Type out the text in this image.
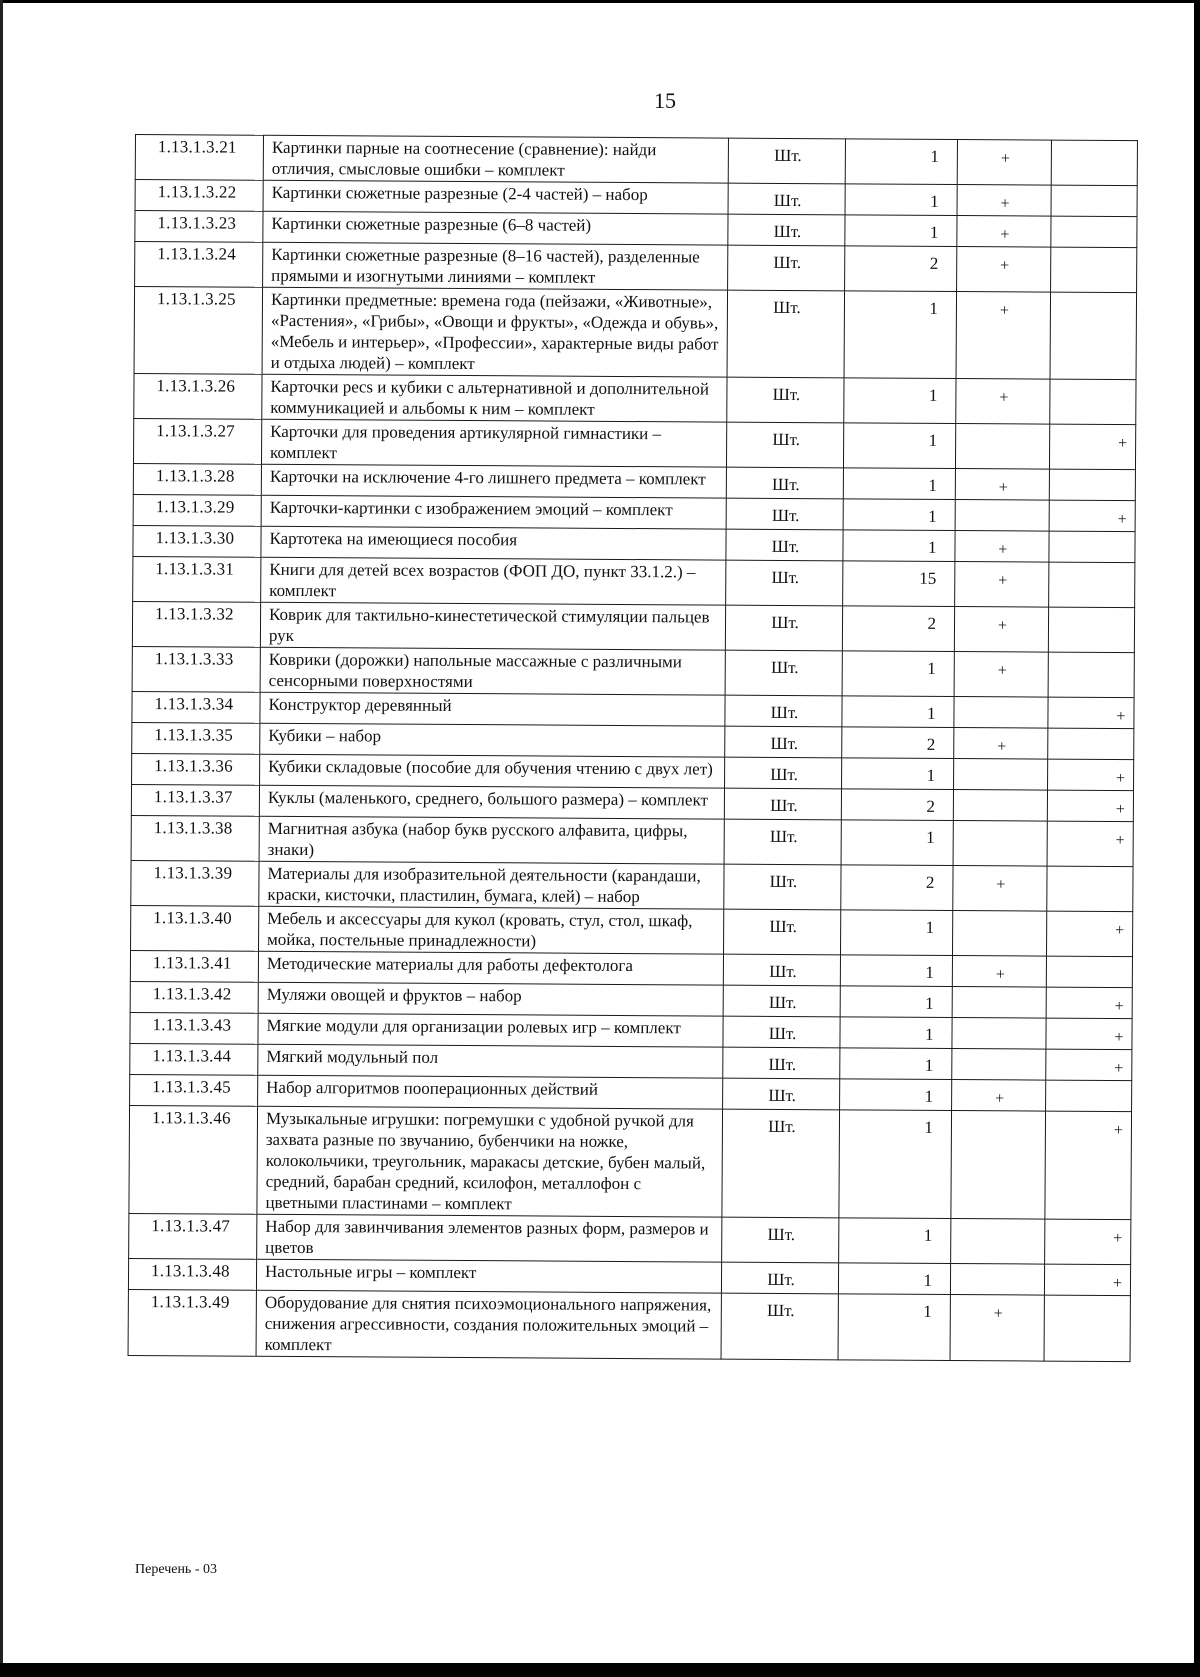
15
1.13.1.3.21	Картинки парные на соотнесение (сравнение): найди отличия, смысловые ошибки – комплект	Шт.	1	+	
1.13.1.3.22	Картинки сюжетные разрезные (2-4 частей) – набор	Шт.	1	+	
1.13.1.3.23	Картинки сюжетные разрезные (6–8 частей)	Шт.	1	+	
1.13.1.3.24	Картинки сюжетные разрезные (8–16 частей), разделенные прямыми и изогнутыми линиями – комплект	Шт.	2	+	
1.13.1.3.25	Картинки предметные: времена года (пейзажи, «Животные», «Растения», «Грибы», «Овощи и фрукты», «Одежда и обувь», «Мебель и интерьер», «Профессии», характерные виды работ и отдыха людей) – комплект	Шт.	1	+	
1.13.1.3.26	Карточки pecs и кубики с альтернативной и дополнительной коммуникацией и альбомы к ним – комплект	Шт.	1	+	
1.13.1.3.27	Карточки для проведения артикулярной гимнастики – комплект	Шт.	1		+
1.13.1.3.28	Карточки на исключение 4-го лишнего предмета – комплект	Шт.	1	+	
1.13.1.3.29	Карточки-картинки с изображением эмоций – комплект	Шт.	1		+
1.13.1.3.30	Картотека на имеющиеся пособия	Шт.	1	+	
1.13.1.3.31	Книги для детей всех возрастов (ФОП ДО, пункт 33.1.2.) – комплект	Шт.	15	+	
1.13.1.3.32	Коврик для тактильно-кинестетической стимуляции пальцев рук	Шт.	2	+	
1.13.1.3.33	Коврики (дорожки) напольные массажные с различными сенсорными поверхностями	Шт.	1	+	
1.13.1.3.34	Конструктор деревянный	Шт.	1		+
1.13.1.3.35	Кубики – набор	Шт.	2	+	
1.13.1.3.36	Кубики складовые (пособие для обучения чтению с двух лет)	Шт.	1		+
1.13.1.3.37	Куклы (маленького, среднего, большого размера) – комплект	Шт.	2		+
1.13.1.3.38	Магнитная азбука (набор букв русского алфавита, цифры, знаки)	Шт.	1		+
1.13.1.3.39	Материалы для изобразительной деятельности (карандаши, краски, кисточки, пластилин, бумага, клей) – набор	Шт.	2	+	
1.13.1.3.40	Мебель и аксессуары для кукол (кровать, стул, стол, шкаф, мойка, постельные принадлежности)	Шт.	1		+
1.13.1.3.41	Методические материалы для работы дефектолога	Шт.	1	+	
1.13.1.3.42	Муляжи овощей и фруктов – набор	Шт.	1		+
1.13.1.3.43	Мягкие модули для организации ролевых игр – комплект	Шт.	1		+
1.13.1.3.44	Мягкий модульный пол	Шт.	1		+
1.13.1.3.45	Набор алгоритмов пооперационных действий	Шт.	1	+	
1.13.1.3.46	Музыкальные игрушки: погремушки с удобной ручкой для захвата разные по звучанию, бубенчики на ножке, колокольчики, треугольник, маракасы детские, бубен малый, средний, барабан средний, ксилофон, металлофон с цветными пластинами – комплект	Шт.	1		+
1.13.1.3.47	Набор для завинчивания элементов разных форм, размеров и цветов	Шт.	1		+
1.13.1.3.48	Настольные игры – комплект	Шт.	1		+
1.13.1.3.49	Оборудование для снятия психоэмоционального напряжения, снижения агрессивности, создания положительных эмоций – комплект	Шт.	1	+	
Перечень - 03
